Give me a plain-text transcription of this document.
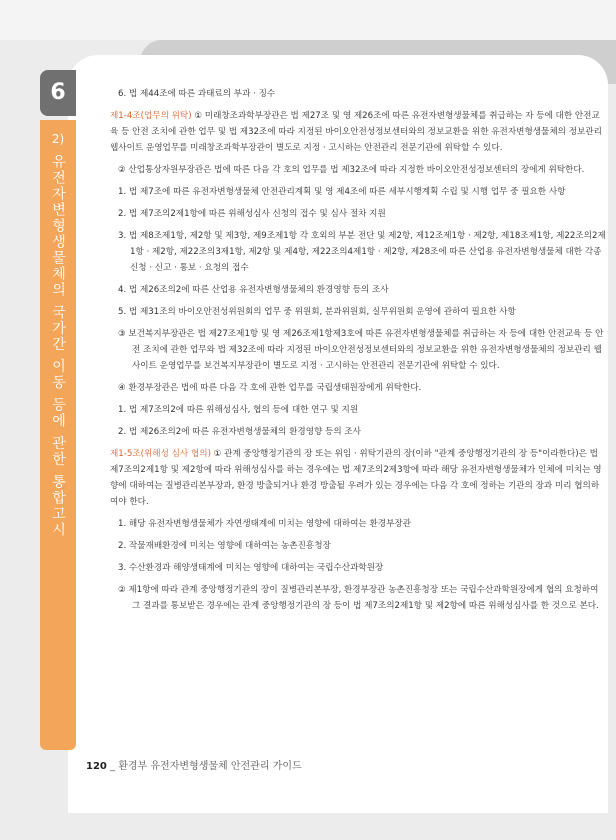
6
2)
유전자변형생물체의 국가간 이동 등에 관한 통합고시

6. 법 제44조에 따른 과태료의 부과 · 징수

제1-4조(업무의 위탁) ① 미래창조과학부장관은 법 제27조 및 영 제26조에 따른 유전자변형생물체를 취급하는 자 등에 대한 안전교육 등 안전 조치에 관한 업무 및 법 제32조에 따라 지정된 바이오안전성정보센터와의 정보교환을 위한 유전자변형생물체의 정보관리 웹사이트 운영업무를 미래창조과학부장관이 별도로 지정 · 고시하는 안전관리 전문기관에 위탁할 수 있다.

② 산업통상자원부장관은 법에 따른 다음 각 호의 업무를 법 제32조에 따라 지정한 바이오안전성정보센터의 장에게 위탁한다.

1. 법 제7조에 따른 유전자변형생물체 안전관리계획 및 영 제4조에 따른 세부시행계획 수립 및 시행 업무 중 필요한 사항

2. 법 제7조의2제1항에 따른 위해성심사 신청의 접수 및 심사 절차 지원

3. 법 제8조제1항, 제2항 및 제3항, 제9조제1항 각 호외의 부분 전단 및 제2항, 제12조제1항 · 제2항, 제18조제1항, 제22조의2제1항 · 제2항, 제22조의3제1항, 제2항 및 제4항, 제22조의4제1항 · 제2항, 제28조에 따른 산업용 유전자변형생물체 대한 각종 신청 · 신고 · 통보 · 요청의 접수

4. 법 제26조의2에 따른 산업용 유전자변형생물체의 환경영향 등의 조사

5. 법 제31조의 바이오안전성위원회의 업무 중 위원회, 분과위원회, 실무위원회 운영에 관하여 필요한 사항

③ 보건복지부장관은 법 제27조제1항 및 영 제26조제1항제3호에 따른 유전자변형생물체를 취급하는 자 등에 대한 안전교육 등 안전 조치에 관한 업무와 법 제32조에 따라 지정된 바이오안전성정보센터와의 정보교환을 위한 유전자변형생물체의 정보관리 웹사이트 운영업무를 보건복지부장관이 별도로 지정 · 고시하는 안전관리 전문기관에 위탁할 수 있다.

④ 환경부장관은 법에 따른 다음 각 호에 관한 업무를 국립생태원장에게 위탁한다.

1. 법 제7조의2에 따른 위해성심사, 협의 등에 대한 연구 및 지원

2. 법 제26조의2에 따른 유전자변형생물체의 환경영향 등의 조사

제1-5조(위해성 심사 협의) ① 관계 중앙행정기관의 장 또는 위임 · 위탁기관의 장(이하 "관계 중앙행정기관의 장 등"이라한다)은 법 제7조의2제1항 및 제2항에 따라 위해성심사를 하는 경우에는 법 제7조의2제3항에 따라 해당 유전자변형생물체가 인체에 미치는 영향에 대하여는 질병관리본부장과, 환경 방출되거나 환경 방출될 우려가 있는 경우에는 다음 각 호에 정하는 기관의 장과 미리 협의하여야 한다.

1. 해당 유전자변형생물체가 자연생태계에 미치는 영향에 대하여는 환경부장관

2. 작물재배환경에 미치는 영향에 대하여는 농촌진흥청장

3. 수산환경과 해양생태계에 미치는 영향에 대하여는 국립수산과학원장

② 제1항에 따라 관계 중앙행정기관의 장이 질병관리본부장, 환경부장관 농촌진흥청장 또는 국립수산과학원장에게 협의 요청하여 그 결과를 통보받은 경우에는 관계 중앙행정기관의 장 등이 법 제7조의2제1항 및 제2항에 따른 위해성심사를 한 것으로 본다.

120 _ 환경부 유전자변형생물체 안전관리 가이드
